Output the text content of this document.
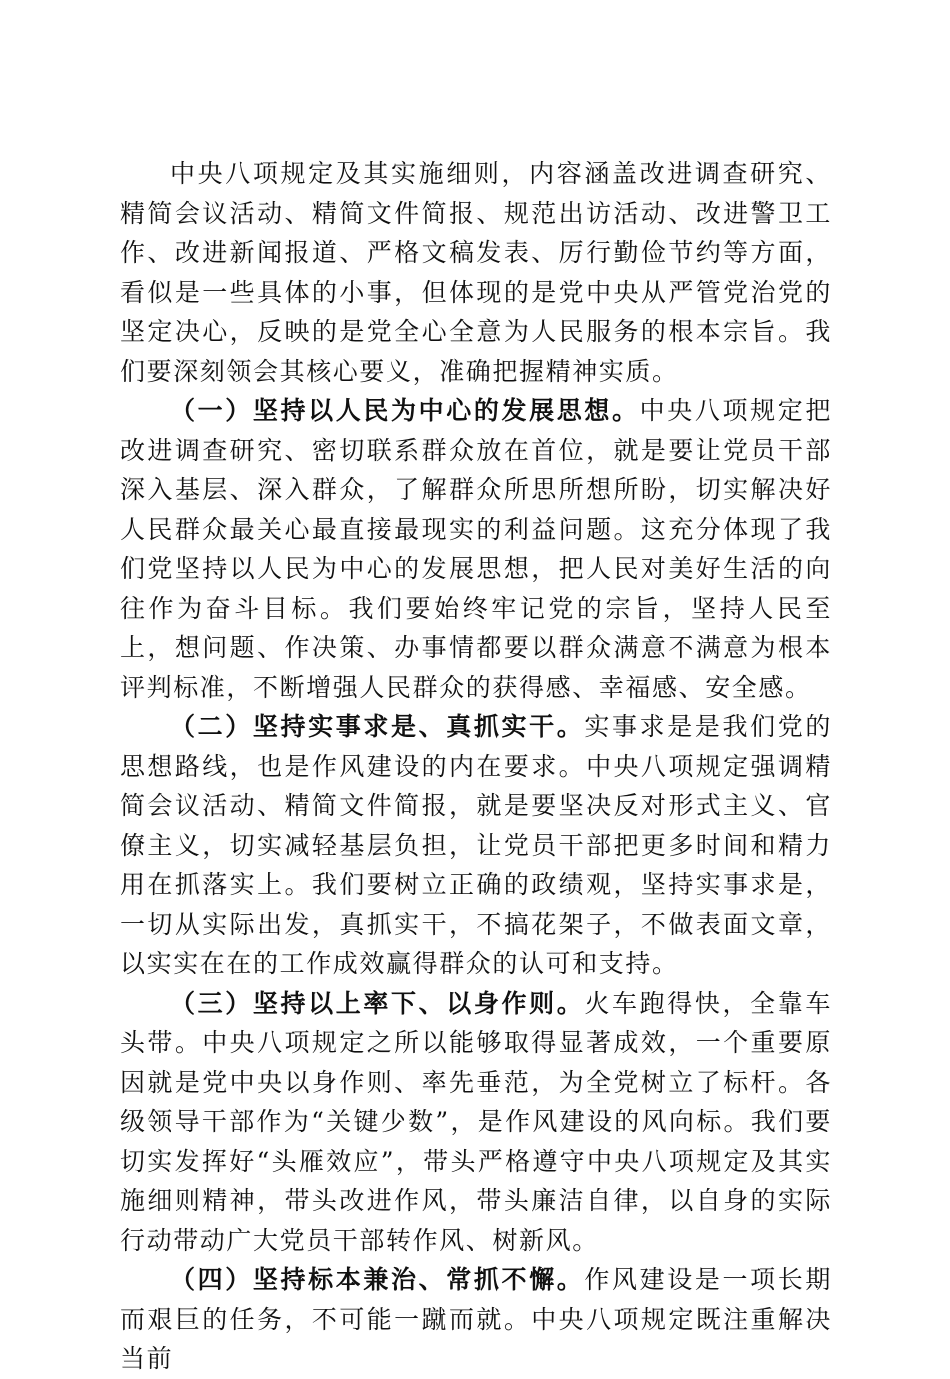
中央八项规定及其实施细则，内容涵盖改进调查研究、精简会议活动、精简文件简报、规范出访活动、改进警卫工作、改进新闻报道、严格文稿发表、厉行勤俭节约等方面，看似是一些具体的小事，但体现的是党中央从严管党治党的坚定决心，反映的是党全心全意为人民服务的根本宗旨。我们要深刻领会其核心要义，准确把握精神实质。

（一）坚持以人民为中心的发展思想。中央八项规定把改进调查研究、密切联系群众放在首位，就是要让党员干部深入基层、深入群众，了解群众所思所想所盼，切实解决好人民群众最关心最直接最现实的利益问题。这充分体现了我们党坚持以人民为中心的发展思想，把人民对美好生活的向往作为奋斗目标。我们要始终牢记党的宗旨，坚持人民至上，想问题、作决策、办事情都要以群众满意不满意为根本评判标准，不断增强人民群众的获得感、幸福感、安全感。

（二）坚持实事求是、真抓实干。实事求是是我们党的思想路线，也是作风建设的内在要求。中央八项规定强调精简会议活动、精简文件简报，就是要坚决反对形式主义、官僚主义，切实减轻基层负担，让党员干部把更多时间和精力用在抓落实上。我们要树立正确的政绩观，坚持实事求是，一切从实际出发，真抓实干，不搞花架子，不做表面文章，以实实在在的工作成效赢得群众的认可和支持。

（三）坚持以上率下、以身作则。火车跑得快，全靠车头带。中央八项规定之所以能够取得显著成效，一个重要原因就是党中央以身作则、率先垂范，为全党树立了标杆。各级领导干部作为“关键少数”，是作风建设的风向标。我们要切实发挥好“头雁效应”，带头严格遵守中央八项规定及其实施细则精神，带头改进作风，带头廉洁自律，以自身的实际行动带动广大党员干部转作风、树新风。

（四）坚持标本兼治、常抓不懈。作风建设是一项长期而艰巨的任务，不可能一蹴而就。中央八项规定既注重解决当前
